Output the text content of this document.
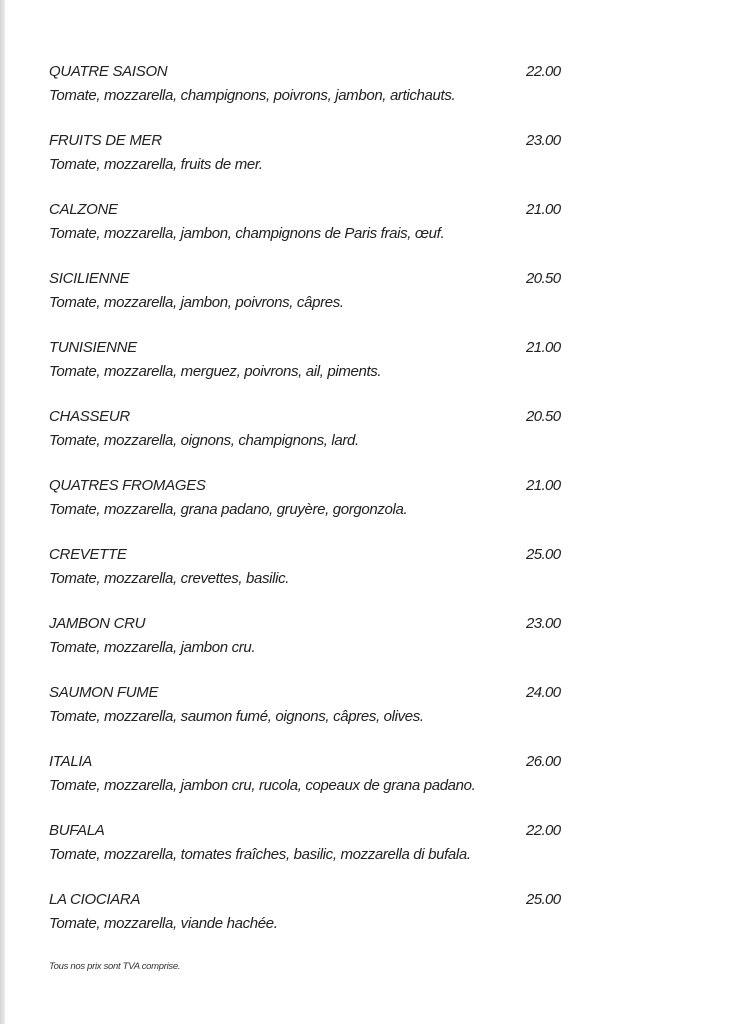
QUATRE SAISON	22.00
Tomate, mozzarella, champignons, poivrons, jambon, artichauts.
FRUITS DE MER	23.00
Tomate, mozzarella, fruits de mer.
CALZONE	21.00
Tomate, mozzarella, jambon, champignons de Paris frais, œuf.
SICILIENNE	20.50
Tomate, mozzarella, jambon, poivrons, câpres.
TUNISIENNE	21.00
Tomate, mozzarella, merguez, poivrons, ail, piments.
CHASSEUR	20.50
Tomate, mozzarella, oignons, champignons, lard.
QUATRES FROMAGES	21.00
Tomate, mozzarella, grana padano, gruyère, gorgonzola.
CREVETTE	25.00
Tomate, mozzarella, crevettes, basilic.
JAMBON CRU	23.00
Tomate, mozzarella, jambon cru.
SAUMON FUME	24.00
Tomate, mozzarella, saumon fumé, oignons, câpres, olives.
ITALIA	26.00
Tomate, mozzarella, jambon cru, rucola, copeaux de grana padano.
BUFALA	22.00
Tomate, mozzarella, tomates fraîches, basilic, mozzarella di bufala.
LA CIOCIARA	25.00
Tomate, mozzarella, viande hachée.
Tous nos prix sont TVA comprise.
